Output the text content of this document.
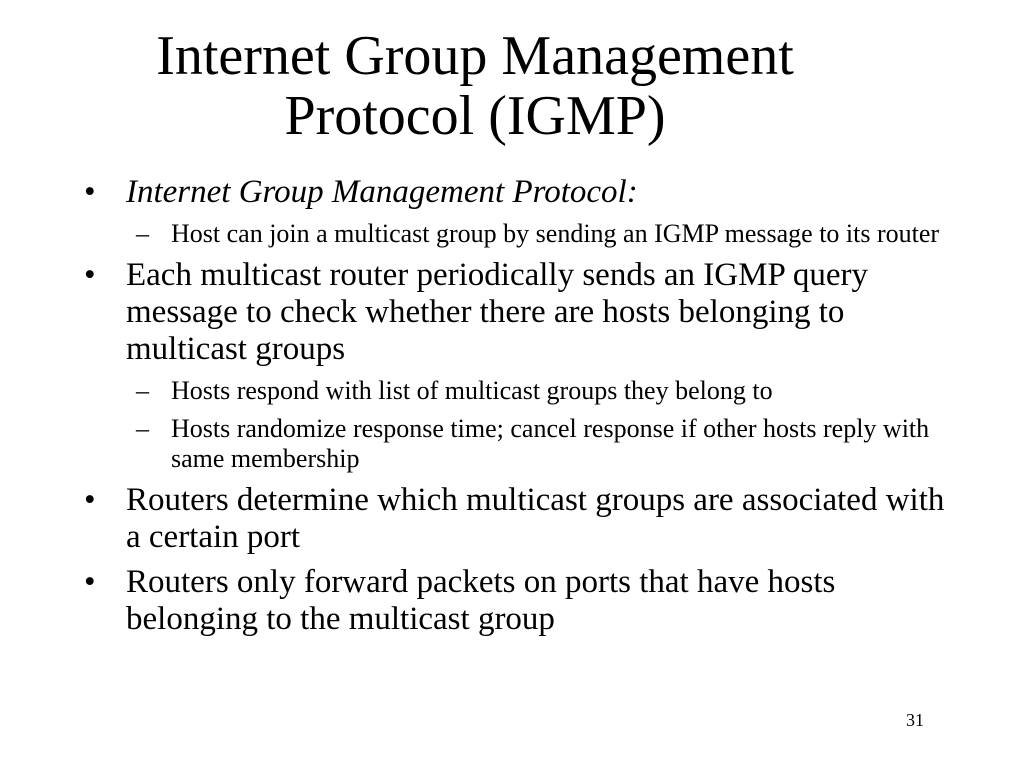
Internet Group Management
Protocol (IGMP)
• Internet Group Management Protocol:
– Host can join a multicast group by sending an IGMP message to its router
• Each multicast router periodically sends an IGMP query message to check whether there are hosts belonging to multicast groups
– Hosts respond with list of multicast groups they belong to
– Hosts randomize response time; cancel response if other hosts reply with same membership
• Routers determine which multicast groups are associated with a certain port
• Routers only forward packets on ports that have hosts belonging to the multicast group
31
